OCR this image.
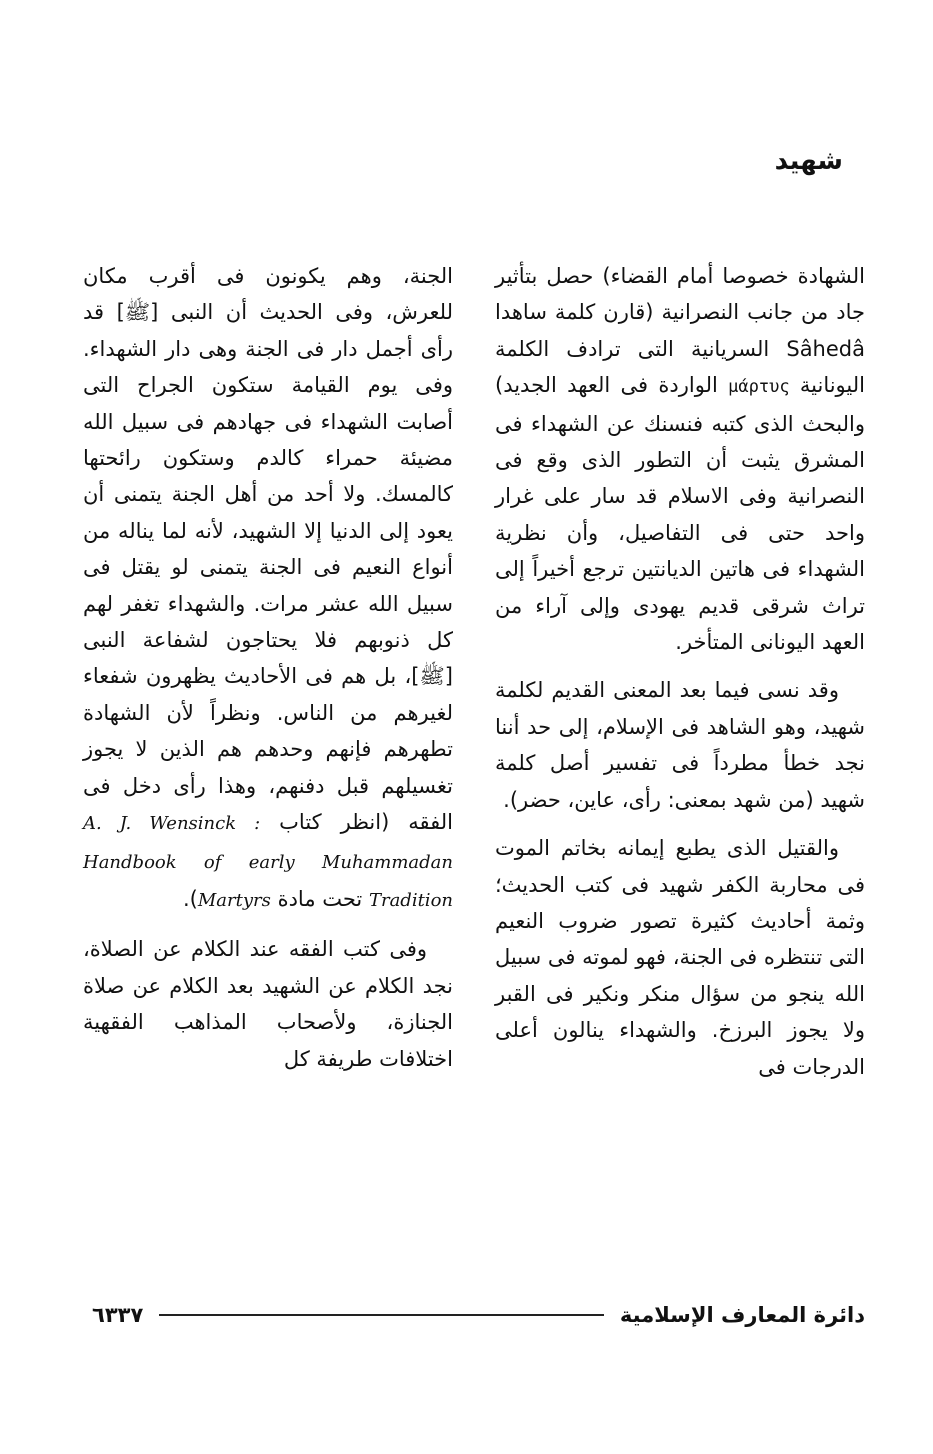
شهيد

الشهادة خصوصا أمام القضاء) حصل بتأثير جاد من جانب النصرانية (قارن كلمة ساهدا Sâhedâ السريانية التى ترادف الكلمة اليونانية μάρτυς الواردة فى العهد الجديد) والبحث الذى كتبه فنسنك عن الشهداء فى المشرق يثبت أن التطور الذى وقع فى النصرانية وفى الاسلام قد سار على غرار واحد حتى فى التفاصيل، وأن نظرية الشهداء فى هاتين الديانتين ترجع أخيراً إلى تراث شرقى قديم يهودى وإلى آراء من العهد اليونانى المتأخر.

وقد نسى فيما بعد المعنى القديم لكلمة شهيد، وهو الشاهد فى الإسلام، إلى حد أننا نجد خطأ مطرداً فى تفسير أصل كلمة شهيد (من شهد بمعنى: رأى، عاين، حضر).

والقتيل الذى يطبع إيمانه بخاتم الموت فى محاربة الكفر شهيد فى كتب الحديث؛ وثمة أحاديث كثيرة تصور ضروب النعيم التى تنتظره فى الجنة، فهو لموته فى سبيل الله ينجو من سؤال منكر ونكير فى القبر ولا يجوز البرزخ. والشهداء ينالون أعلى الدرجات فى

الجنة، وهم يكونون فى أقرب مكان للعرش، وفى الحديث أن النبى [ﷺ] قد رأى أجمل دار فى الجنة وهى دار الشهداء. وفى يوم القيامة ستكون الجراح التى أصابت الشهداء فى جهادهم فى سبيل الله مضيئة حمراء كالدم وستكون رائحتها كالمسك. ولا أحد من أهل الجنة يتمنى أن يعود إلى الدنيا إلا الشهيد، لأنه لما يناله من أنواع النعيم فى الجنة يتمنى لو يقتل فى سبيل الله عشر مرات. والشهداء تغفر لهم كل ذنوبهم فلا يحتاجون لشفاعة النبى [ﷺ]، بل هم فى الأحاديث يظهرون شفعاء لغيرهم من الناس. ونظراً لأن الشهادة تطهرهم فإنهم وحدهم هم الذين لا يجوز تغسيلهم قبل دفنهم، وهذا رأى دخل فى الفقه (انظر كتاب A. J. Wensinck : Handbook of early Muhammadan Tradition تحت مادة Martyrs).

وفى كتب الفقه عند الكلام عن الصلاة، نجد الكلام عن الشهيد بعد الكلام عن صلاة الجنازة، ولأصحاب المذاهب الفقهية اختلافات طريفة كل

دائرة المعارف الإسلامية
٦٣٣٧
